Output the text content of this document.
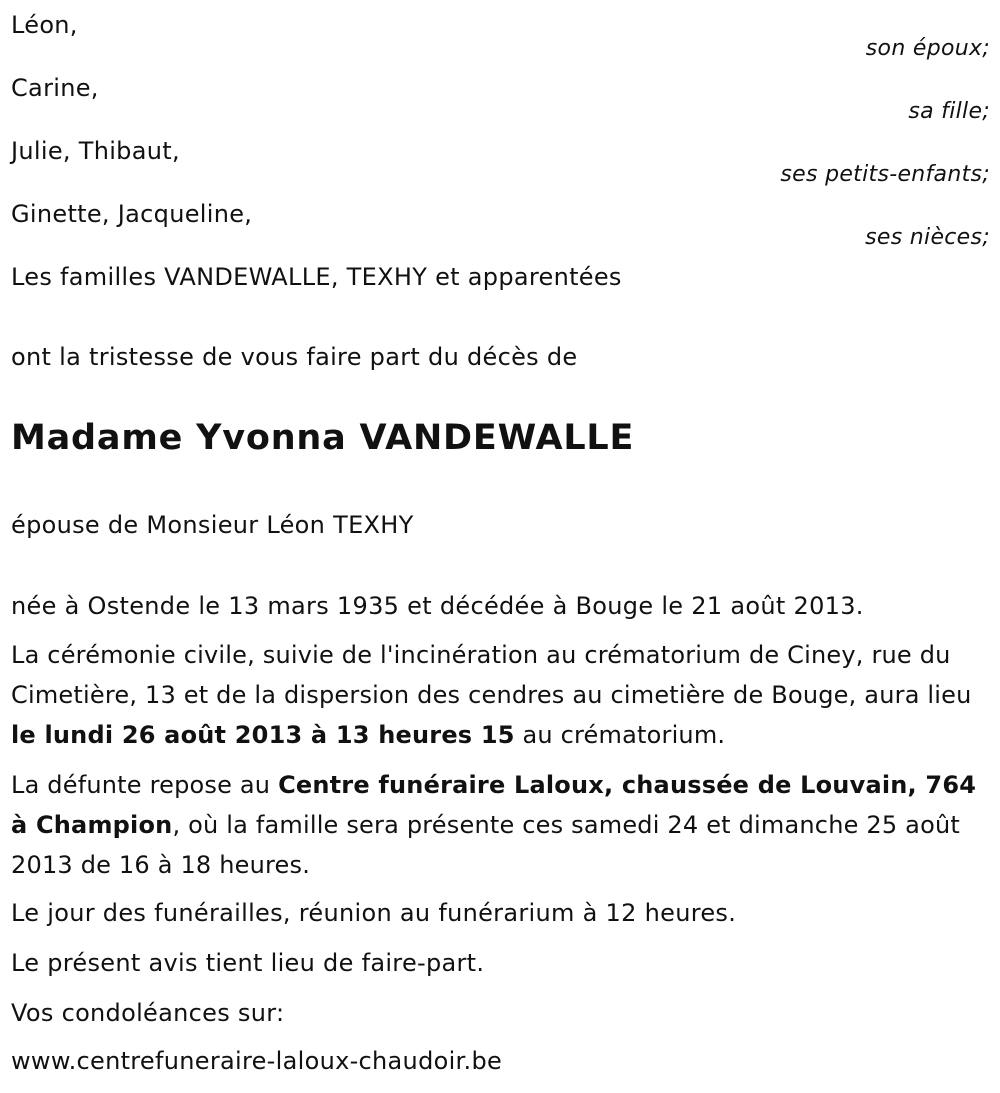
Léon,
son époux;
Carine,
sa fille;
Julie, Thibaut,
ses petits-enfants;
Ginette, Jacqueline,
ses nièces;
Les familles VANDEWALLE, TEXHY et apparentées
ont la tristesse de vous faire part du décès de
Madame Yvonna VANDEWALLE
épouse de Monsieur Léon TEXHY
née à Ostende le 13 mars 1935 et décédée à Bouge le 21 août 2013.
La cérémonie civile, suivie de l'incinération au crématorium de Ciney, rue du Cimetière, 13 et de la dispersion des cendres au cimetière de Bouge, aura lieu le lundi 26 août 2013 à 13 heures 15 au crématorium.
La défunte repose au Centre funéraire Laloux, chaussée de Louvain, 764 à Champion, où la famille sera présente ces samedi 24 et dimanche 25 août 2013 de 16 à 18 heures.
Le jour des funérailles, réunion au funérarium à 12 heures.
Le présent avis tient lieu de faire-part.
Vos condoléances sur:
www.centrefuneraire-laloux-chaudoir.be
